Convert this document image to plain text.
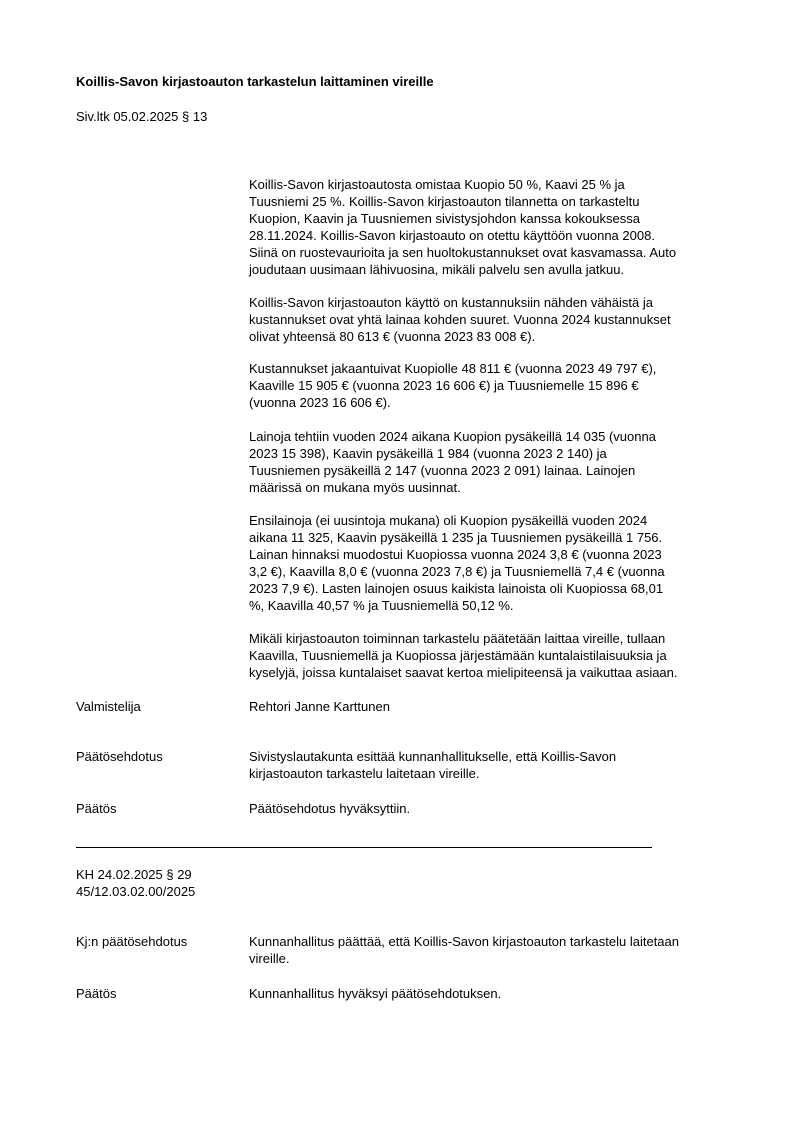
Koillis-Savon kirjastoauton tarkastelun laittaminen vireille
Siv.ltk 05.02.2025 § 13
Koillis-Savon kirjastoautosta omistaa Kuopio 50 %, Kaavi 25 % ja
Tuusniemi 25 %. Koillis-Savon kirjastoauton tilannetta on tarkasteltu
Kuopion, Kaavin ja Tuusniemen sivistysjohdon kanssa kokouksessa
28.11.2024. Koillis-Savon kirjastoauto on otettu käyttöön vuonna 2008.
Siinä on ruostevaurioita ja sen huoltokustannukset ovat kasvamassa. Auto
joudutaan uusimaan lähivuosina, mikäli palvelu sen avulla jatkuu.
Koillis-Savon kirjastoauton käyttö on kustannuksiin nähden vähäistä ja
kustannukset ovat yhtä lainaa kohden suuret. Vuonna 2024 kustannukset
olivat yhteensä 80 613 € (vuonna 2023 83 008 €).
Kustannukset jakaantuivat Kuopiolle 48 811 € (vuonna 2023 49 797 €),
Kaaville 15 905 € (vuonna 2023 16 606 €) ja Tuusniemelle 15 896 €
(vuonna 2023 16 606 €).
Lainoja tehtiin vuoden 2024 aikana Kuopion pysäkeillä 14 035 (vuonna
2023 15 398), Kaavin pysäkeillä 1 984 (vuonna 2023 2 140) ja
Tuusniemen pysäkeillä 2 147 (vuonna 2023 2 091) lainaa. Lainojen
määrissä on mukana myös uusinnat.
Ensilainoja (ei uusintoja mukana) oli Kuopion pysäkeillä vuoden 2024
aikana 11 325, Kaavin pysäkeillä 1 235 ja Tuusniemen pysäkeillä 1 756.
Lainan hinnaksi muodostui Kuopiossa vuonna 2024 3,8 € (vuonna 2023
3,2 €), Kaavilla 8,0 € (vuonna 2023 7,8 €) ja Tuusniemellä 7,4 € (vuonna
2023 7,9 €). Lasten lainojen osuus kaikista lainoista oli Kuopiossa 68,01
%, Kaavilla 40,57 % ja Tuusniemellä 50,12 %.
Mikäli kirjastoauton toiminnan tarkastelu päätetään laittaa vireille, tullaan
Kaavilla, Tuusniemellä ja Kuopiossa järjestämään kuntalaistilaisuuksia ja
kyselyjä, joissa kuntalaiset saavat kertoa mielipiteensä ja vaikuttaa asiaan.
Valmistelija	Rehtori Janne Karttunen
Päätösehdotus	Sivistyslautakunta esittää kunnanhallitukselle, että Koillis-Savon
kirjastoauton tarkastelu laitetaan vireille.
Päätös	Päätösehdotus hyväksyttiin.
KH 24.02.2025 § 29
45/12.03.02.00/2025
Kj:n päätösehdotus	Kunnanhallitus päättää, että Koillis-Savon kirjastoauton tarkastelu laitetaan
vireille.
Päätös	Kunnanhallitus hyväksyi päätösehdotuksen.
